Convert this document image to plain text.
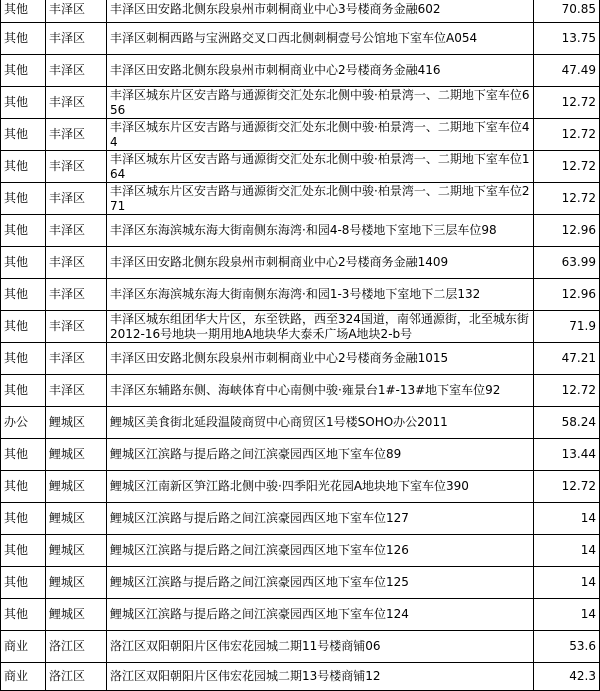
其他	丰泽区	丰泽区田安路北侧东段泉州市刺桐商业中心3号楼商务金融602	70.85
其他	丰泽区	丰泽区刺桐西路与宝洲路交叉口西北侧刺桐壹号公馆地下室车位A054	13.75
其他	丰泽区	丰泽区田安路北侧东段泉州市刺桐商业中心2号楼商务金融416	47.49
其他	丰泽区	丰泽区城东片区安吉路与通源街交汇处东北侧中骏·柏景湾一、二期地下室车位656	12.72
其他	丰泽区	丰泽区城东片区安吉路与通源街交汇处东北侧中骏·柏景湾一、二期地下室车位44	12.72
其他	丰泽区	丰泽区城东片区安吉路与通源街交汇处东北侧中骏·柏景湾一、二期地下室车位164	12.72
其他	丰泽区	丰泽区城东片区安吉路与通源街交汇处东北侧中骏·柏景湾一、二期地下室车位271	12.72
其他	丰泽区	丰泽区东海滨城东海大街南侧东海湾·和园4-8号楼地下室地下三层车位98	12.96
其他	丰泽区	丰泽区田安路北侧东段泉州市刺桐商业中心2号楼商务金融1409	63.99
其他	丰泽区	丰泽区东海滨城东海大街南侧东海湾·和园1-3号楼地下室地下二层132	12.96
其他	丰泽区	丰泽区城东组团华大片区，东至铁路，西至324国道，南邻通源街，北至城东街2012-16号地块一期用地A地块华大泰禾广场A地块2-b号	71.9
其他	丰泽区	丰泽区田安路北侧东段泉州市刺桐商业中心2号楼商务金融1015	47.21
其他	丰泽区	丰泽区东辅路东侧、海峡体育中心南侧中骏·雍景台1#-13#地下室车位92	12.72
办公	鲤城区	鲤城区美食街北延段温陵商贸中心商贸区1号楼SOHO办公2011	58.24
其他	鲤城区	鲤城区江滨路与提后路之间江滨豪园西区地下室车位89	13.44
其他	鲤城区	鲤城区江南新区笋江路北侧中骏·四季阳光花园A地块地下室车位390	12.72
其他	鲤城区	鲤城区江滨路与提后路之间江滨豪园西区地下室车位127	14
其他	鲤城区	鲤城区江滨路与提后路之间江滨豪园西区地下室车位126	14
其他	鲤城区	鲤城区江滨路与提后路之间江滨豪园西区地下室车位125	14
其他	鲤城区	鲤城区江滨路与提后路之间江滨豪园西区地下室车位124	14
商业	洛江区	洛江区双阳朝阳片区伟宏花园城二期11号楼商铺06	53.6
商业	洛江区	洛江区双阳朝阳片区伟宏花园城二期13号楼商铺12	42.3
